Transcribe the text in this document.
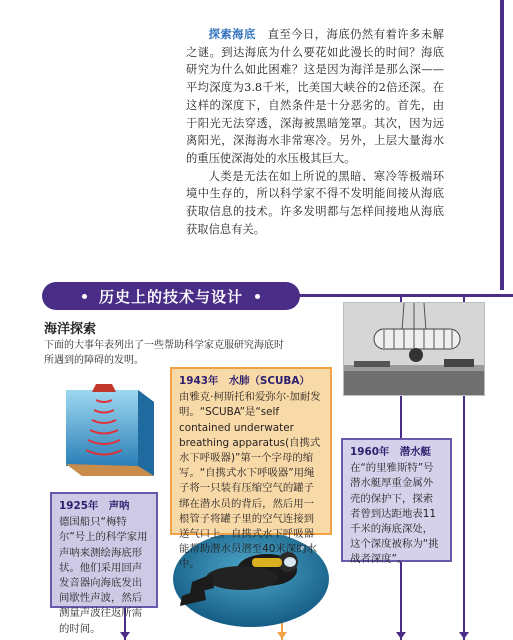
探索海底　 直至今日，海底仍然有着许多未解之谜。到达海底为什么要花如此漫长的时间？海底研究为什么如此困难？这是因为海洋是那么深——平均深度为3.8千米，比美国大峡谷的2倍还深。在这样的深度下，自然条件是十分恶劣的。首先，由于阳光无法穿透，深海被黑暗笼罩。其次，因为远离阳光，深海海水非常寒冷。另外，上层大量海水的重压使深海处的水压极其巨大。

人类是无法在如上所说的黑暗、寒冷等极端环境中生存的，所以科学家不得不发明能间接从海底获取信息的技术。许多发明都与怎样间接地从海底获取信息有关。

历史上的技术与设计
海洋探索
下面的大事年表列出了一些帮助科学家克服研究海底时所遇到的障碍的发明。
1925年　声呐
德国船只“梅特尔”号上的科学家用声呐来测绘海底形状。他们采用回声发音器向海底发出间歇性声波，然后测量声波往返所需的时间。
1943年　水肺（SCUBA）
由雅克·柯斯托和爱弥尔·加耐发明。“SCUBA”是“self contained underwater breathing apparatus(自携式水下呼吸器)”第一个字母的缩写。“自携式水下呼吸器”用绳子将一只装有压缩空气的罐子绑在潜水员的背后，然后用一根管子将罐子里的空气连接到送气口上。自携式水下呼吸器能帮助潜水员潜至40米深的水中。
1960年　潜水艇
在“的里雅斯特”号潜水艇厚重金属外壳的保护下，探索者曾到达距地表11千米的海底深处，这个深度被称为“挑战者深度”。
